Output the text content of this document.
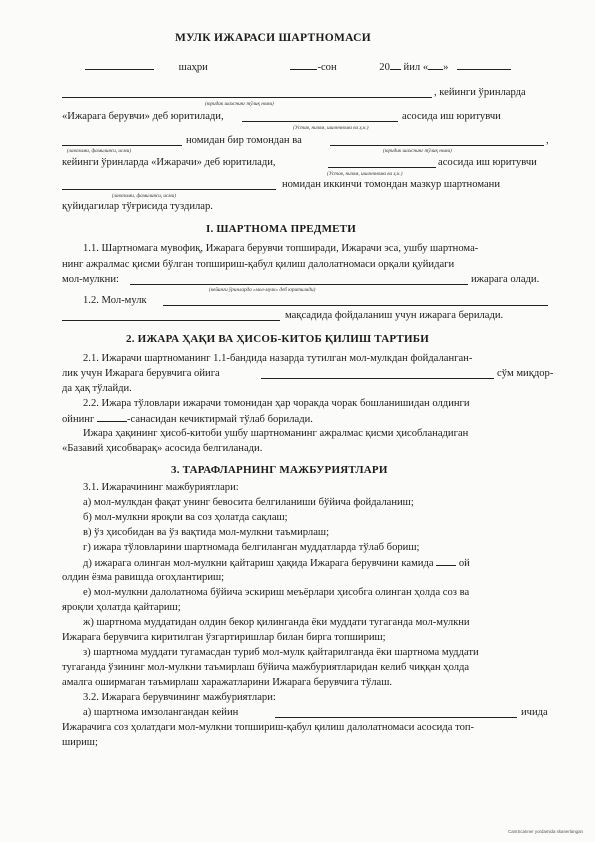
МУЛК ИЖАРАСИ ШАРТНОМАСИ
шаҳри	-сон	20 йил « »
, кейинги ўринларда
(юридик шахснинг тўлиқ номи)
«Ижарага берувчи» деб юритилади,	асосида иш юритувчи
(Устав, низом, ишончнома ва ҳ.к.)
номидан бир томондан ва	,
(лавозими, фамилияси, исми)	(юридик шахснинг тўлиқ номи)
кейинги ўринларда «Ижарачи» деб юритилади,	асосида иш юритувчи
(Устав, низом, ишончнома ва ҳ.к.)
номидан иккинчи томондан мазкур шартномани
(лавозими, фамилияси, исми)
қуйидагилар тўғрисида туздилар.
I. ШАРТНОМА ПРЕДМЕТИ
1.1. Шартномага мувофиқ, Ижарага берувчи топширади, Ижарачи эса, ушбу шартнома-
нинг ажралмас қисми бўлган топшириш-қабул қилиш далолатномаси орқали қуйидаги
мол-мулкни:	ижарага олади.
(кейинги ўринларда «мол-мулк» деб юритилади)
1.2. Мол-мулк
мақсадида фойдаланиш учун ижарага берилади.
2. ИЖАРА ҲАҚИ ВА ҲИСОБ-КИТОБ ҚИЛИШ ТАРТИБИ
2.1. Ижарачи шартноманинг 1.1-бандида назарда тутилган мол-мулкдан фойдаланган-
лик учун Ижарага берувчига ойига	сўм миқдор-
да ҳақ тўлайди.
2.2. Ижара тўловлари ижарачи томонидан ҳар чоракда чорак бошланишидан олдинги
ойнинг	-санасидан кечиктирмай тўлаб борилади.
Ижара ҳақининг ҳисоб-китоби ушбу шартноманинг ажралмас қисми ҳисобланадиган
«Базавий ҳисобварақ» асосида белгиланади.
3. ТАРАФЛАРНИНГ МАЖБУРИЯТЛАРИ
3.1. Ижарачининг мажбуриятлари:
а) мол-мулкдан фақат унинг бевосита белгиланиши бўйича фойдаланиш;
б) мол-мулкни яроқли ва соз ҳолатда сақлаш;
в) ўз ҳисобидан ва ўз вақтида мол-мулкни таъмирлаш;
г) ижара тўловларини шартномада белгиланган муддатларда тўлаб бориш;
д) ижарага олинган мол-мулкни қайтариш ҳақида Ижарага берувчини камида ой
олдин ёзма равишда огоҳлантириш;
е) мол-мулкни далолатнома бўйича эскириш меъёрлари ҳисобга олинган ҳолда соз ва
яроқли ҳолатда қайтариш;
ж) шартнома муддатидан олдин бекор қилинганда ёки муддати тугаганда мол-мулкни
Ижарага берувчига киритилган ўзгартиришлар билан бирга топшириш;
з) шартнома муддати тугамасдан туриб мол-мулк қайтарилганда ёки шартнома муддати
тугаганда ўзининг мол-мулкни таъмирлаш бўйича мажбуриятларидан келиб чиққан ҳолда
амалга оширмаган таъмирлаш харажатларини Ижарага берувчига тўлаш.
3.2. Ижарага берувчининг мажбуриятлари:
а) шартнома имзолангандан кейин	ичида
Ижарачига соз ҳолатдаги мол-мулкни топшириш-қабул қилиш далолатномаси асосида топ-
шириш;
CamScanner yordamida skanerlangan
